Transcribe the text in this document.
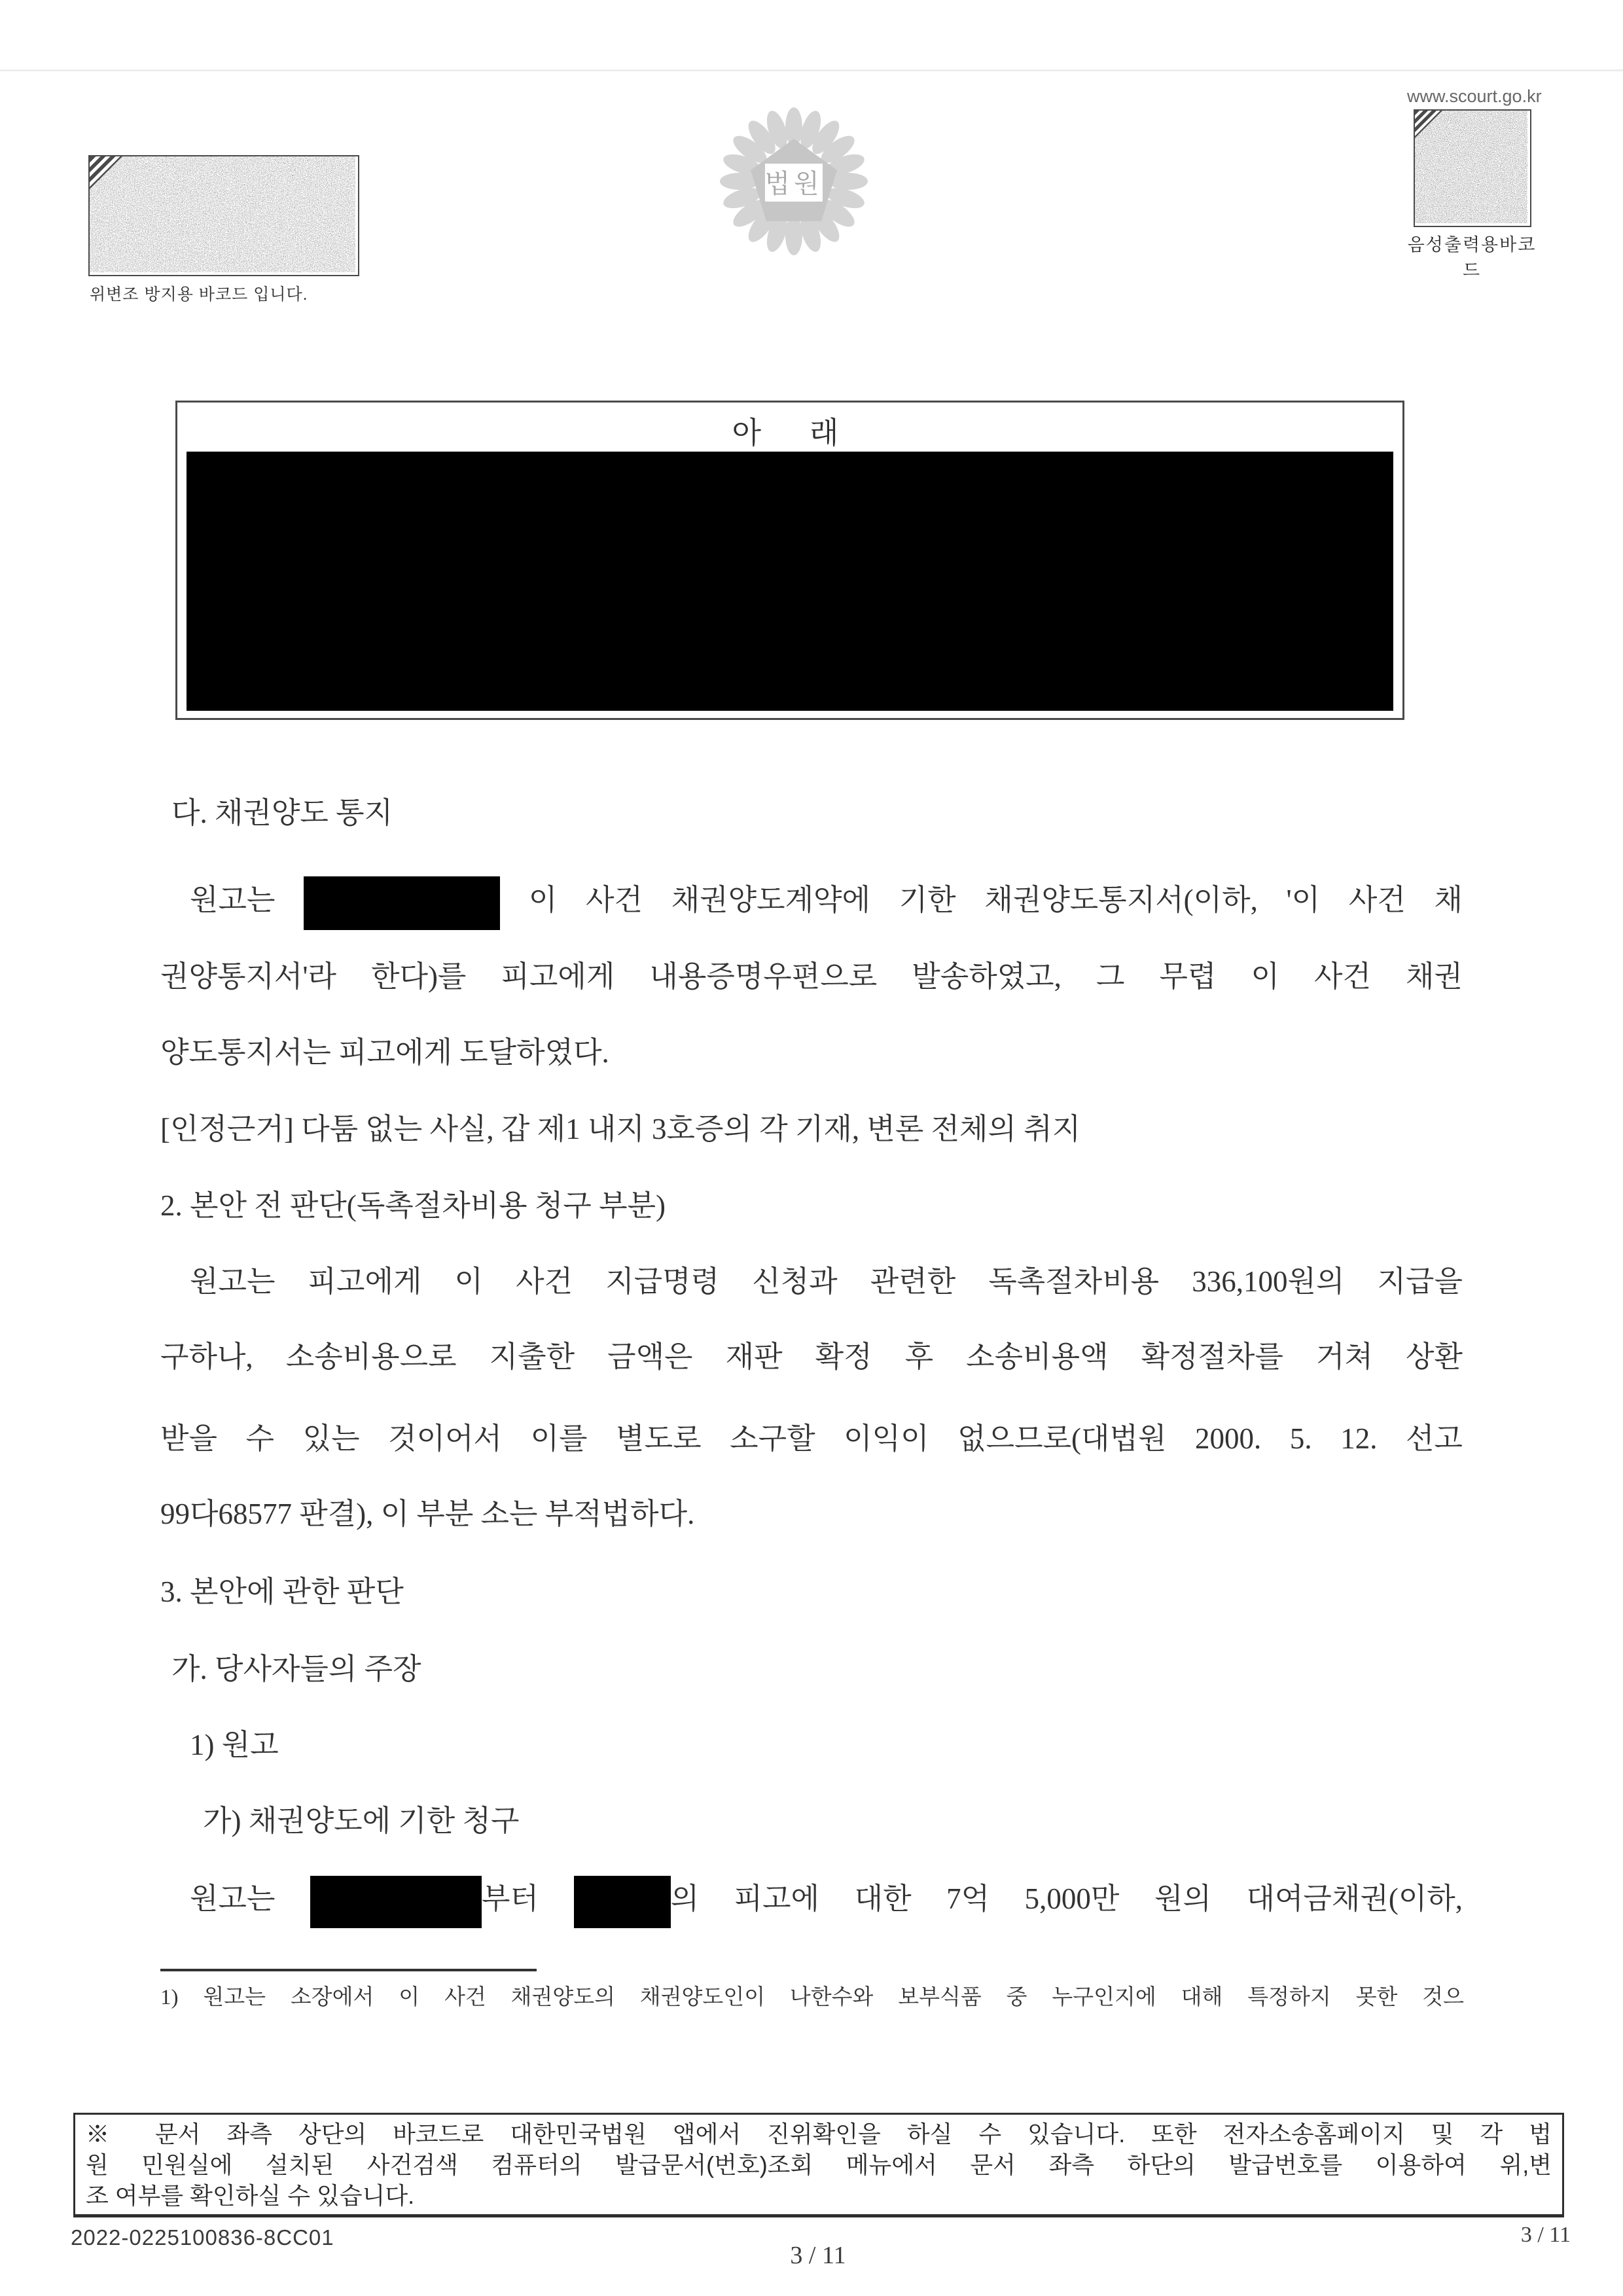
위변조 방지용 바코드 입니다.
법원
www.scourt.go.kr
음성출력용바코드
아　래
다. 채권양도 통지
원고는	이 사건 채권양도계약에 기한 채권양도통지서(이하, '이 사건 채
권양통지서'라 한다)를 피고에게 내용증명우편으로 발송하였고, 그 무렵 이 사건 채권
양도통지서는 피고에게 도달하였다.
[인정근거] 다툼 없는 사실, 갑 제1 내지 3호증의 각 기재, 변론 전체의 취지
2. 본안 전 판단(독촉절차비용 청구 부분)
원고는 피고에게 이 사건 지급명령 신청과 관련한 독촉절차비용 336,100원의 지급을
구하나, 소송비용으로 지출한 금액은 재판 확정 후 소송비용액 확정절차를 거쳐 상환
받을 수 있는 것이어서 이를 별도로 소구할 이익이 없으므로(대법원 2000. 5. 12. 선고
99다68577 판결), 이 부분 소는 부적법하다.
3. 본안에 관한 판단
가. 당사자들의 주장
1) 원고
가) 채권양도에 기한 청구
원고는	부터	의 피고에 대한 7억 5,000만 원의 대여금채권(이하,
1) 원고는 소장에서 이 사건 채권양도의 채권양도인이 나한수와 보부식품 중 누구인지에 대해 특정하지 못한 것으
※ 문서 좌측 상단의 바코드로 대한민국법원 앱에서 진위확인을 하실 수 있습니다. 또한 전자소송홈페이지 및 각 법
원 민원실에 설치된 사건검색 컴퓨터의 발급문서(번호)조회 메뉴에서 문서 좌측 하단의 발급번호를 이용하여 위,변
조 여부를 확인하실 수 있습니다.
2022-0225100836-8CC01
3 / 11
3 / 11
